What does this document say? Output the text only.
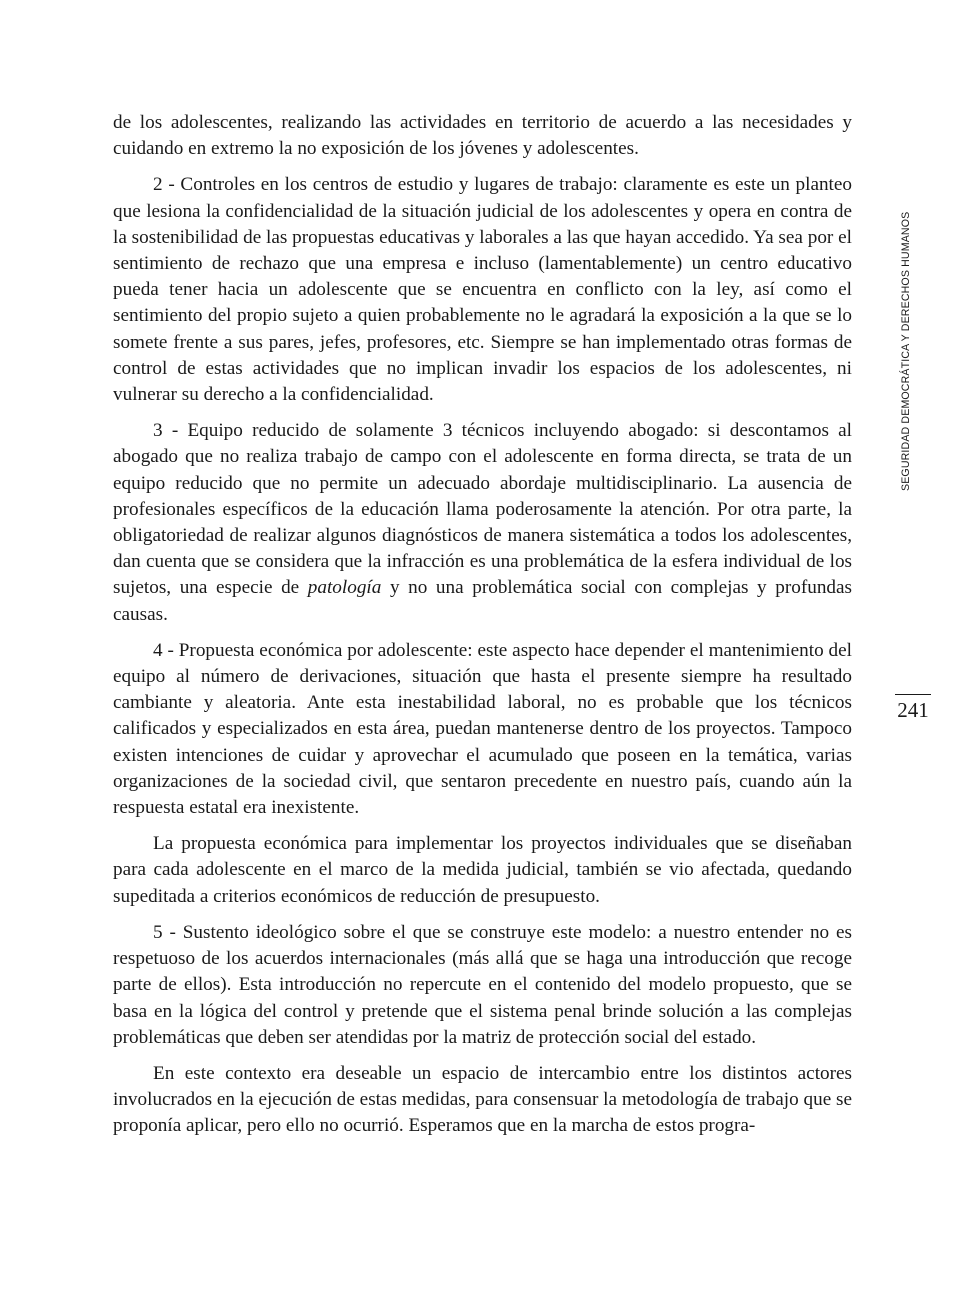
de los adolescentes, realizando las actividades en territorio de acuerdo a las necesidades y cuidando en extremo la no exposición de los jóvenes y adolescentes.

2 - Controles en los centros de estudio y lugares de trabajo: claramente es este un planteo que lesiona la confidencialidad de la situación judicial de los adolescentes y opera en contra de la sostenibilidad de las propuestas educativas y laborales a las que hayan accedido. Ya sea por el sentimiento de rechazo que una empresa e incluso (lamentablemente) un centro educativo pueda tener hacia un adolescente que se encuentra en conflicto con la ley, así como el sentimiento del propio sujeto a quien probablemente no le agradará la exposición a la que se lo somete frente a sus pares, jefes, profesores, etc. Siempre se han implementado otras formas de control de estas actividades que no implican invadir los espacios de los adolescentes, ni vulnerar su derecho a la confidencialidad.

3 - Equipo reducido de solamente 3 técnicos incluyendo abogado: si descontamos al abogado que no realiza trabajo de campo con el adolescente en forma directa, se trata de un equipo reducido que no permite un adecuado abordaje multidisciplinario. La ausencia de profesionales específicos de la educación llama poderosamente la atención. Por otra parte, la obligatoriedad de realizar algunos diagnósticos de manera sistemática a todos los adolescentes, dan cuenta que se considera que la infracción es una problemática de la esfera individual de los sujetos, una especie de patología y no una problemática social con complejas y profundas causas.

4 - Propuesta económica por adolescente: este aspecto hace depender el mantenimiento del equipo al número de derivaciones, situación que hasta el presente siempre ha resultado cambiante y aleatoria. Ante esta inestabilidad laboral, no es probable que los técnicos calificados y especializados en esta área, puedan mantenerse dentro de los proyectos. Tampoco existen intenciones de cuidar y aprovechar el acumulado que poseen en la temática, varias organizaciones de la sociedad civil, que sentaron precedente en nuestro país, cuando aún la respuesta estatal era inexistente.

La propuesta económica para implementar los proyectos individuales que se diseñaban para cada adolescente en el marco de la medida judicial, también se vio afectada, quedando supeditada a criterios económicos de reducción de presupuesto.

5 - Sustento ideológico sobre el que se construye este modelo: a nuestro entender no es respetuoso de los acuerdos internacionales (más allá que se haga una introducción que recoge parte de ellos). Esta introducción no repercute en el contenido del modelo propuesto, que se basa en la lógica del control y pretende que el sistema penal brinde solución a las complejas problemáticas que deben ser atendidas por la matriz de protección social del estado.

En este contexto era deseable un espacio de intercambio entre los distintos actores involucrados en la ejecución de estas medidas, para consensuar la metodología de trabajo que se proponía aplicar, pero ello no ocurrió. Esperamos que en la marcha de estos progra-

SEGURIDAD DEMOCRÁTICA Y DERECHOS HUMANOS
241
